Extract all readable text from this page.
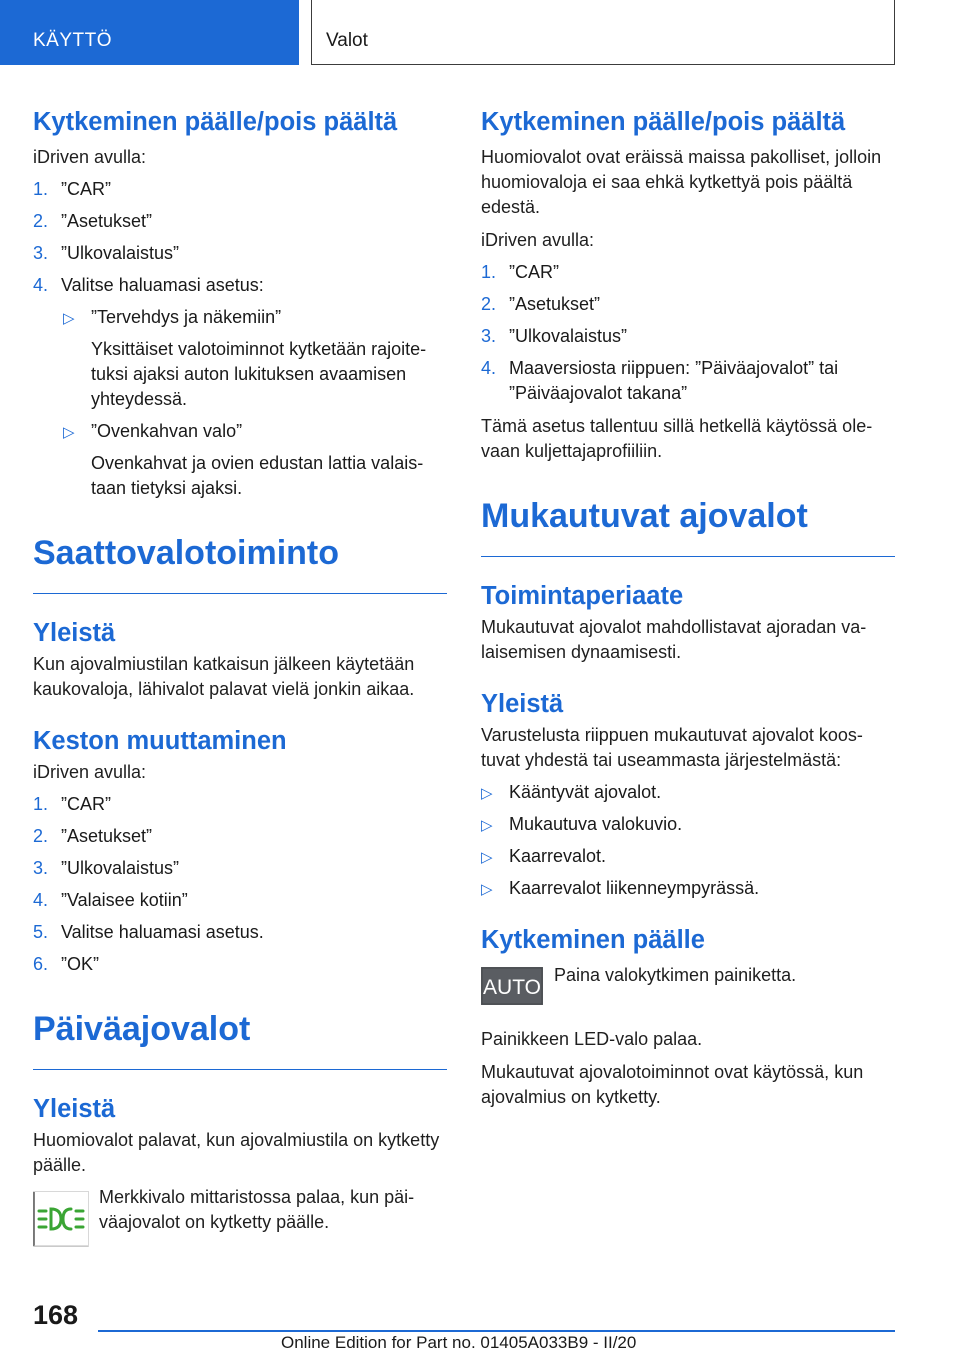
KÄYTTÖ	Valot
Kytkeminen päälle/pois päältä
iDriven avulla:
1. ”CAR”
2. ”Asetukset”
3. ”Ulkovalaistus”
4. Valitse haluamasi asetus:
▷ ”Tervehdys ja näkemiin”
Yksittäiset valotoiminnot kytketään rajoitetuksi ajaksi auton lukituksen avaamisen yhteydessä.
▷ ”Ovenkahvan valo”
Ovenkahvat ja ovien edustan lattia valaistaan tietyksi ajaksi.
Saattovalotoiminto
Yleistä
Kun ajovalmiustilan katkaisun jälkeen käytetään kaukovaloja, lähivalot palavat vielä jonkin aikaa.
Keston muuttaminen
iDriven avulla:
1. ”CAR”
2. ”Asetukset”
3. ”Ulkovalaistus”
4. ”Valaisee kotiin”
5. Valitse haluamasi asetus.
6. ”OK”
Päiväajovalot
Yleistä
Huomiovalot palavat, kun ajovalmiustila on kytketty päälle.
Merkkivalo mittaristossa palaa, kun päiväajovalot on kytketty päälle.
Kytkeminen päälle/pois päältä
Huomiovalot ovat eräissä maissa pakolliset, jolloin huomiovaloja ei saa ehkä kytkettyä pois päältä edestä.
iDriven avulla:
1. ”CAR”
2. ”Asetukset”
3. ”Ulkovalaistus”
4. Maaversiosta riippuen: ”Päiväajovalot” tai ”Päiväajovalot takana”
Tämä asetus tallentuu sillä hetkellä käytössä olevaan kuljettajaprofiiliin.
Mukautuvat ajovalot
Toimintaperiaate
Mukautuvat ajovalot mahdollistavat ajoradan valaisemisen dynaamisesti.
Yleistä
Varustelusta riippuen mukautuvat ajovalot koostuvat yhdestä tai useammasta järjestelmästä:
▷ Kääntyvät ajovalot.
▷ Mukautuva valokuvio.
▷ Kaarrevalot.
▷ Kaarrevalot liikenneympyrässä.
Kytkeminen päälle
AUTO
Paina valokytkimen painiketta.
Painikkeen LED-valo palaa.
Mukautuvat ajovalotoiminnot ovat käytössä, kun ajovalmius on kytketty.
168
Online Edition for Part no. 01405A033B9 - II/20
